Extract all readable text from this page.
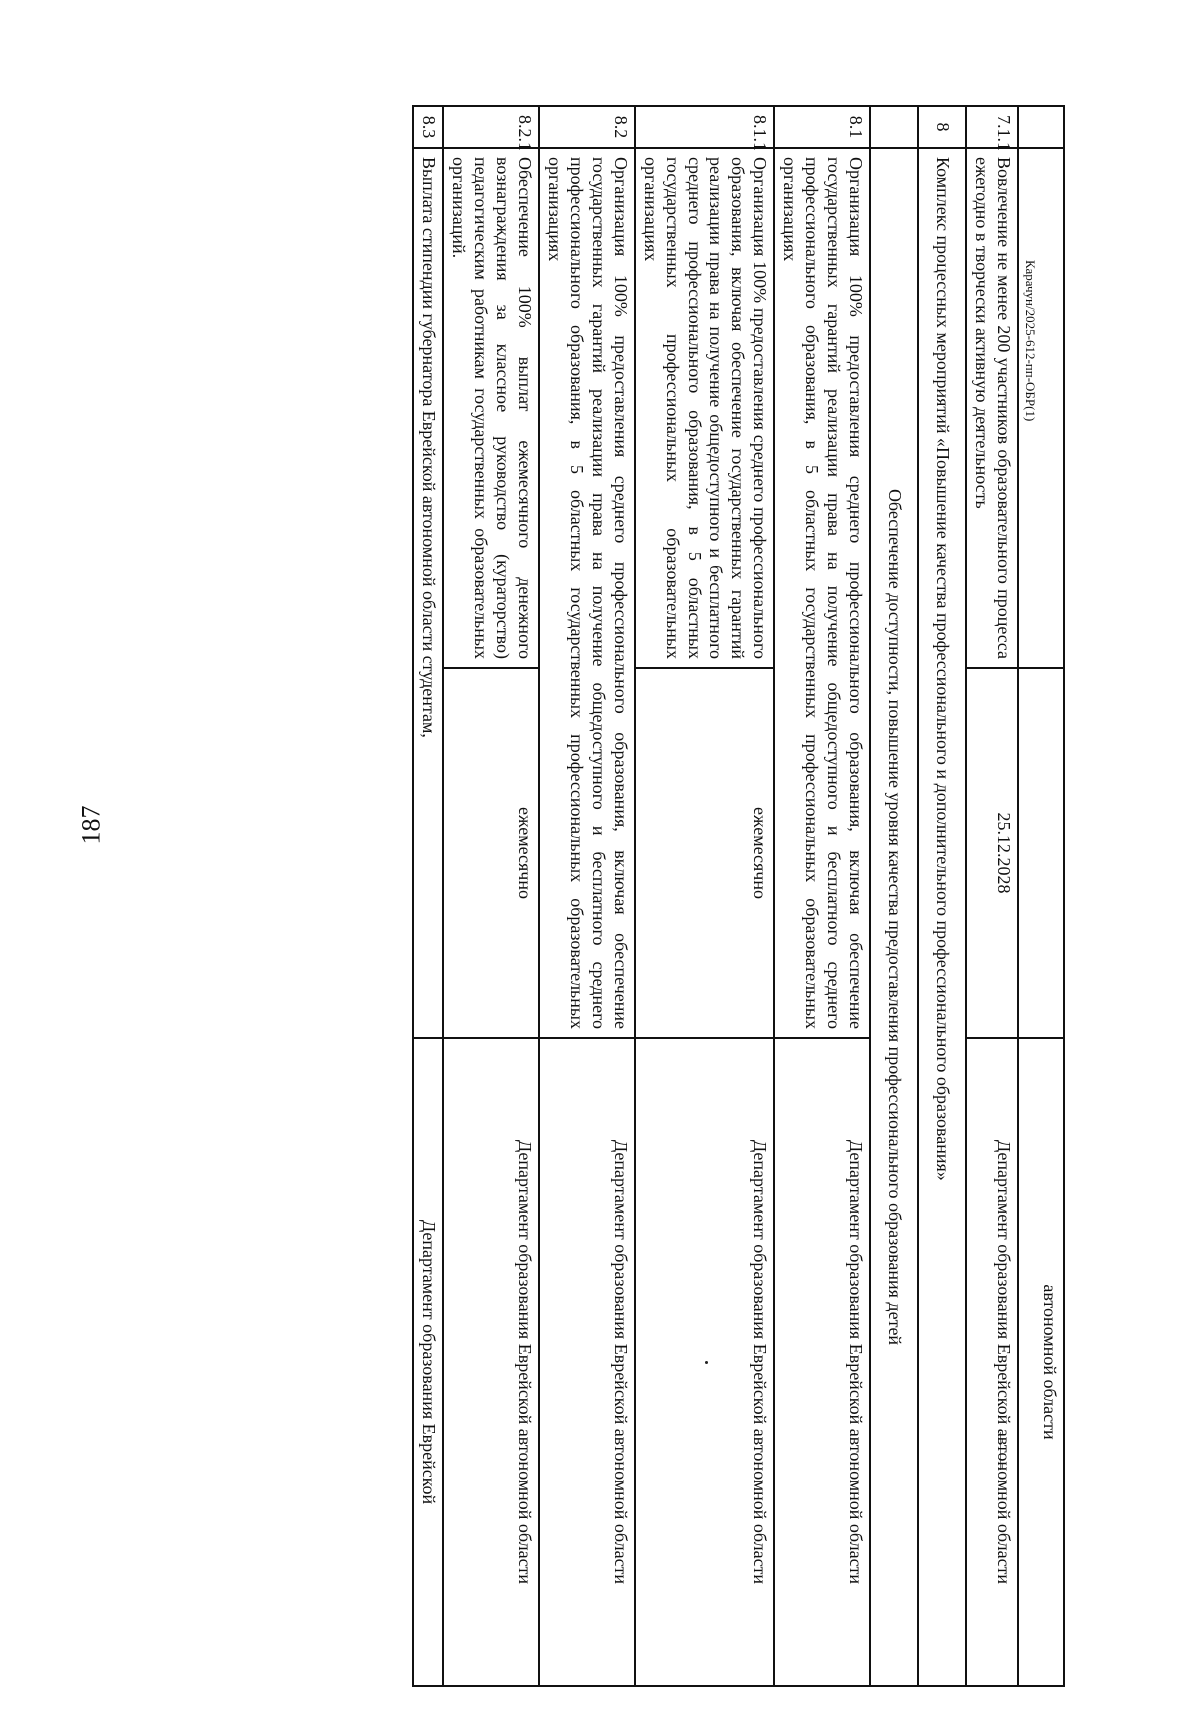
187
Карачун/2025-612-пп-ОБР(1)
			автономной области
7.1.1	Вовлечение не менее 200 участников образовательного процесса ежегодно в творчески активную деятельность	25.12.2028	Департамент образования Еврейской автономной области
8	Комплекс процессных мероприятий «Повышение качества профессионального и дополнительного профессионального образования»		
	Обеспечение доступности, повышение уровня качества предоставления профессионального образования детей		
8.1	Организация 100% предоставления среднего профессионального образования, включая обеспечение государственных гарантий реализации права на получение общедоступного и бесплатного среднего профессионального образования, в 5 областных государственных профессиональных образовательных организациях		Департамент образования Еврейской автономной области
8.1.1	Организация 100% предоставления среднего профессионального образования, включая обеспечение государственных гарантий реализации права на получение общедоступного и бесплатного среднего профессионального образования, в 5 областных государственных профессиональных образовательных организациях	ежемесячно	Департамент образования Еврейской автономной области

8.2	Организация 100% предоставления среднего профессионального образования, включая обеспечение государственных гарантий реализации права на получение общедоступного и бесплатного среднего профессионального образования, в 5 областных государственных профессиональных образовательных организациях		Департамент образования Еврейской автономной области
8.2.1	Обеспечение 100% выплат ежемесячного денежного вознаграждения за классное руководство (кураторство) педагогическим работникам государственных образовательных организаций.	ежемесячно	Департамент образования Еврейской автономной области
8.3	Выплата стипендии губернатора Еврейской автономной области студентам,		Департамент образования Еврейской
